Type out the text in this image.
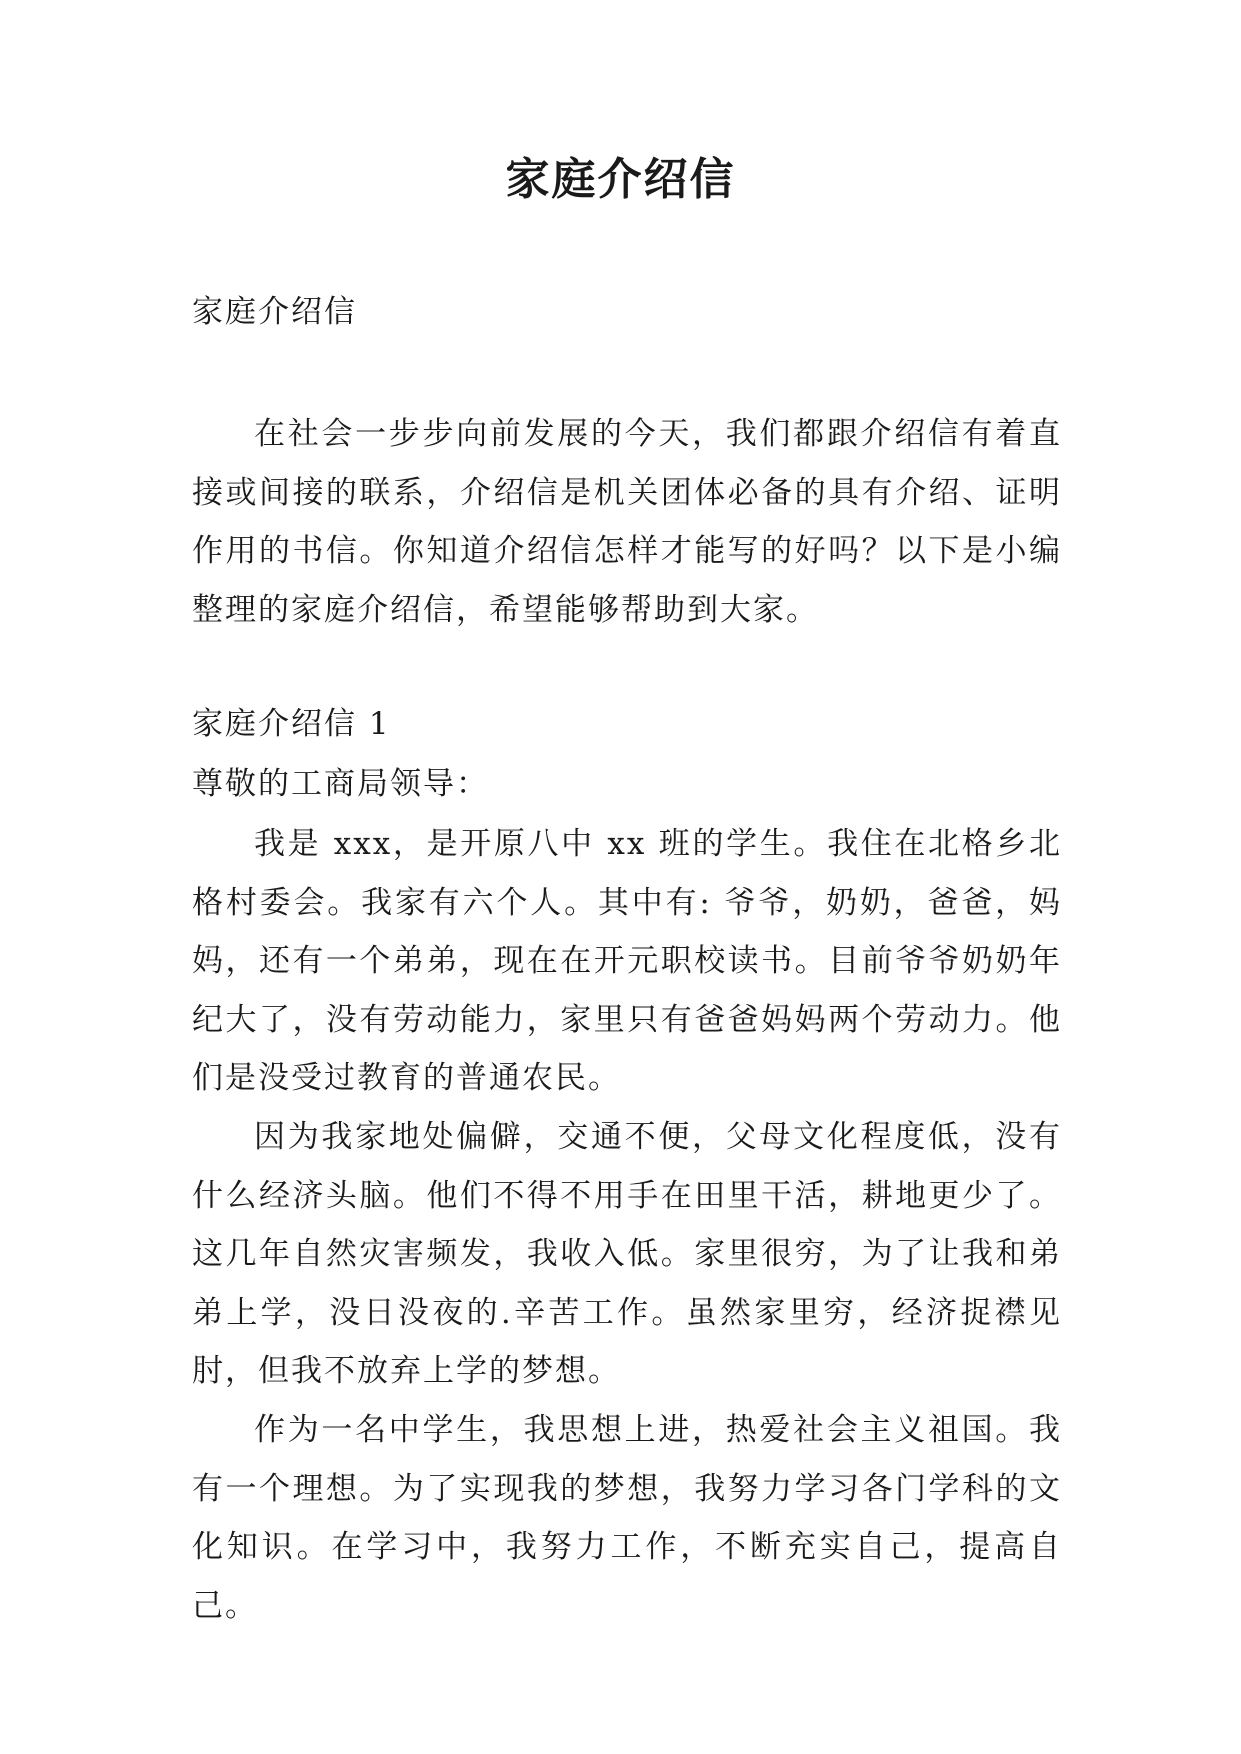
家庭介绍信
家庭介绍信

在社会一步步向前发展的今天，我们都跟介绍信有着直接或间接的联系，介绍信是机关团体必备的具有介绍、证明作用的书信。你知道介绍信怎样才能写的好吗？以下是小编整理的家庭介绍信，希望能够帮助到大家。

家庭介绍信 1
尊敬的工商局领导：

我是 xxx，是开原八中 xx 班的学生。我住在北格乡北格村委会。我家有六个人。其中有: 爷爷，奶奶，爸爸，妈妈，还有一个弟弟，现在在开元职校读书。目前爷爷奶奶年纪大了，没有劳动能力，家里只有爸爸妈妈两个劳动力。他们是没受过教育的普通农民。

因为我家地处偏僻，交通不便，父母文化程度低，没有什么经济头脑。他们不得不用手在田里干活，耕地更少了。这几年自然灾害频发，我收入低。家里很穷，为了让我和弟弟上学，没日没夜的.辛苦工作。虽然家里穷，经济捉襟见肘，但我不放弃上学的梦想。

作为一名中学生，我思想上进，热爱社会主义祖国。我有一个理想。为了实现我的梦想，我努力学习各门学科的文化知识。在学习中，我努力工作，不断充实自己，提高自己。
